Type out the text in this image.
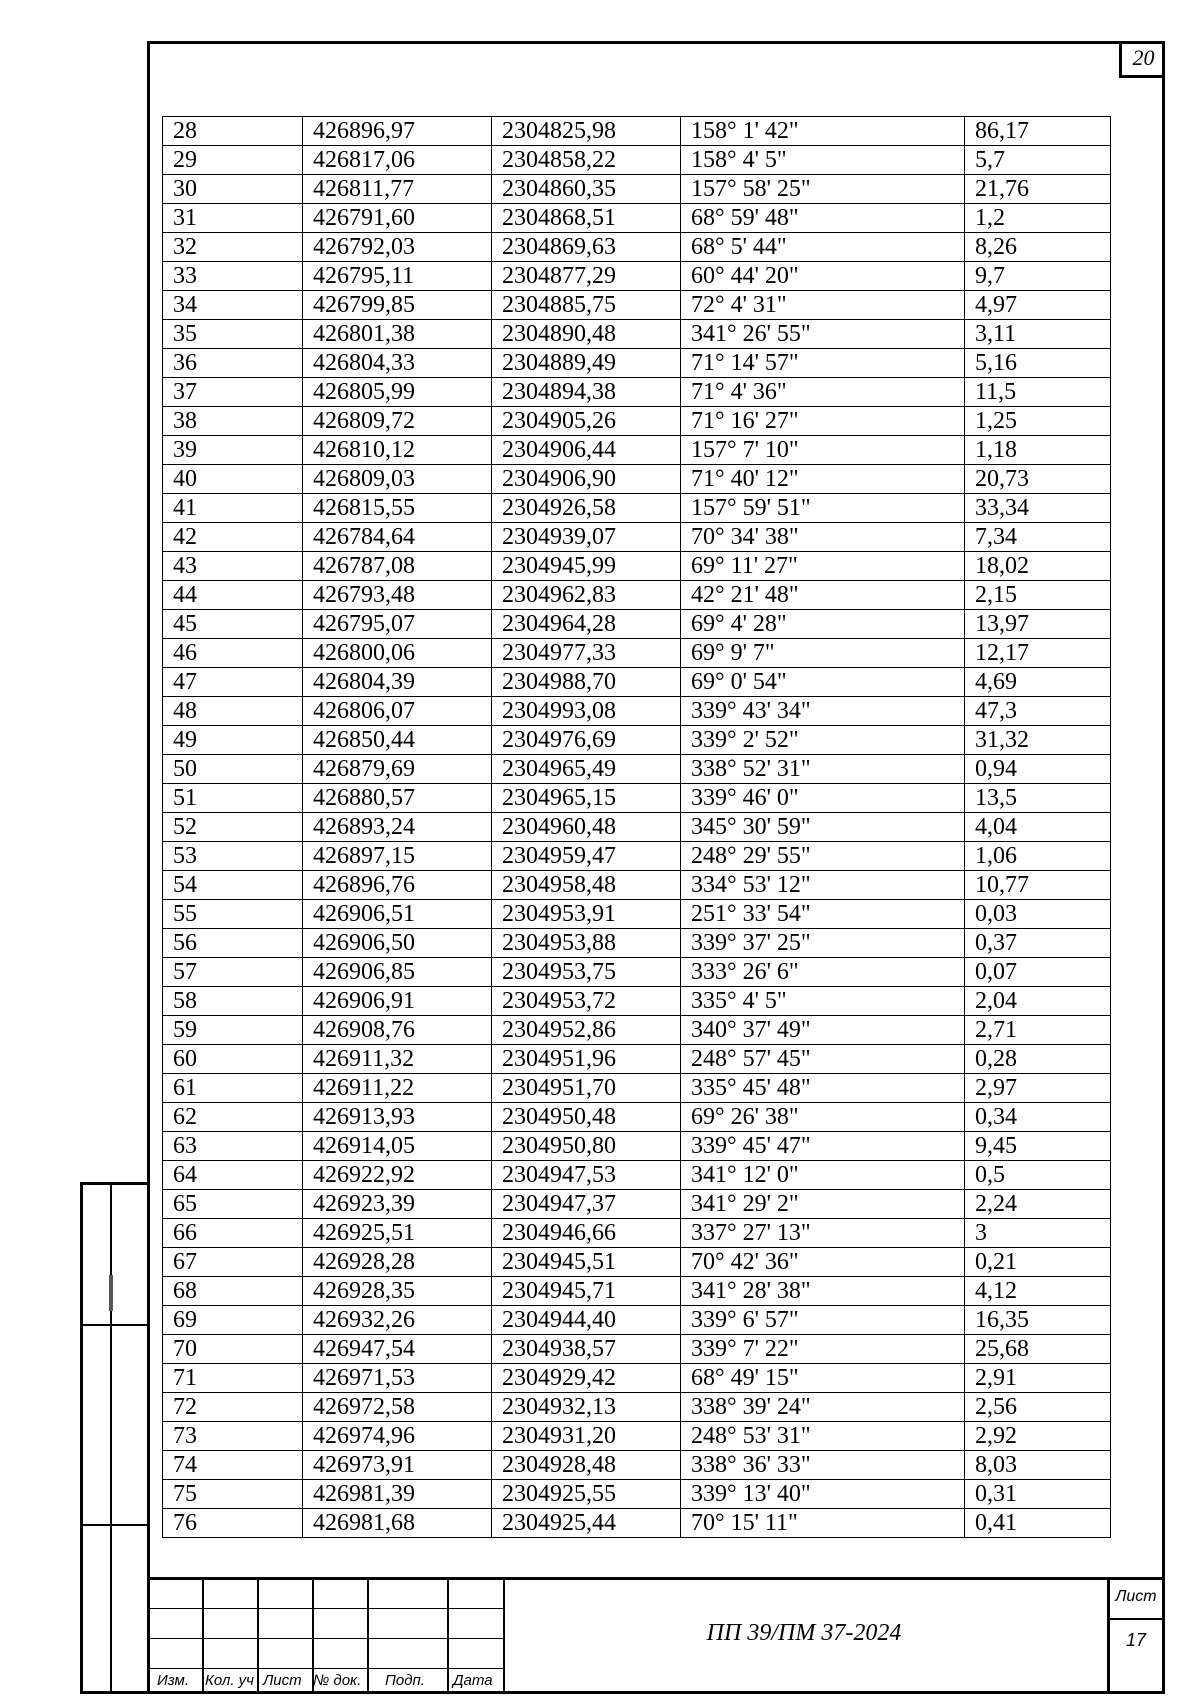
20
28	426896,97	2304825,98	158° 1' 42"	86,17
29	426817,06	2304858,22	158° 4' 5"	5,7
30	426811,77	2304860,35	157° 58' 25"	21,76
31	426791,60	2304868,51	68° 59' 48"	1,2
32	426792,03	2304869,63	68° 5' 44"	8,26
33	426795,11	2304877,29	60° 44' 20"	9,7
34	426799,85	2304885,75	72° 4' 31"	4,97
35	426801,38	2304890,48	341° 26' 55"	3,11
36	426804,33	2304889,49	71° 14' 57"	5,16
37	426805,99	2304894,38	71° 4' 36"	11,5
38	426809,72	2304905,26	71° 16' 27"	1,25
39	426810,12	2304906,44	157° 7' 10"	1,18
40	426809,03	2304906,90	71° 40' 12"	20,73
41	426815,55	2304926,58	157° 59' 51"	33,34
42	426784,64	2304939,07	70° 34' 38"	7,34
43	426787,08	2304945,99	69° 11' 27"	18,02
44	426793,48	2304962,83	42° 21' 48"	2,15
45	426795,07	2304964,28	69° 4' 28"	13,97
46	426800,06	2304977,33	69° 9' 7"	12,17
47	426804,39	2304988,70	69° 0' 54"	4,69
48	426806,07	2304993,08	339° 43' 34"	47,3
49	426850,44	2304976,69	339° 2' 52"	31,32
50	426879,69	2304965,49	338° 52' 31"	0,94
51	426880,57	2304965,15	339° 46' 0"	13,5
52	426893,24	2304960,48	345° 30' 59"	4,04
53	426897,15	2304959,47	248° 29' 55"	1,06
54	426896,76	2304958,48	334° 53' 12"	10,77
55	426906,51	2304953,91	251° 33' 54"	0,03
56	426906,50	2304953,88	339° 37' 25"	0,37
57	426906,85	2304953,75	333° 26' 6"	0,07
58	426906,91	2304953,72	335° 4' 5"	2,04
59	426908,76	2304952,86	340° 37' 49"	2,71
60	426911,32	2304951,96	248° 57' 45"	0,28
61	426911,22	2304951,70	335° 45' 48"	2,97
62	426913,93	2304950,48	69° 26' 38"	0,34
63	426914,05	2304950,80	339° 45' 47"	9,45
64	426922,92	2304947,53	341° 12' 0"	0,5
65	426923,39	2304947,37	341° 29' 2"	2,24
66	426925,51	2304946,66	337° 27' 13"	3
67	426928,28	2304945,51	70° 42' 36"	0,21
68	426928,35	2304945,71	341° 28' 38"	4,12
69	426932,26	2304944,40	339° 6' 57"	16,35
70	426947,54	2304938,57	339° 7' 22"	25,68
71	426971,53	2304929,42	68° 49' 15"	2,91
72	426972,58	2304932,13	338° 39' 24"	2,56
73	426974,96	2304931,20	248° 53' 31"	2,92
74	426973,91	2304928,48	338° 36' 33"	8,03
75	426981,39	2304925,55	339° 13' 40"	0,31
76	426981,68	2304925,44	70° 15' 11"	0,41
Изм. Кол. уч Лист № док. Подп. Дата
ПП 39/ПМ 37-2024
Лист
17
